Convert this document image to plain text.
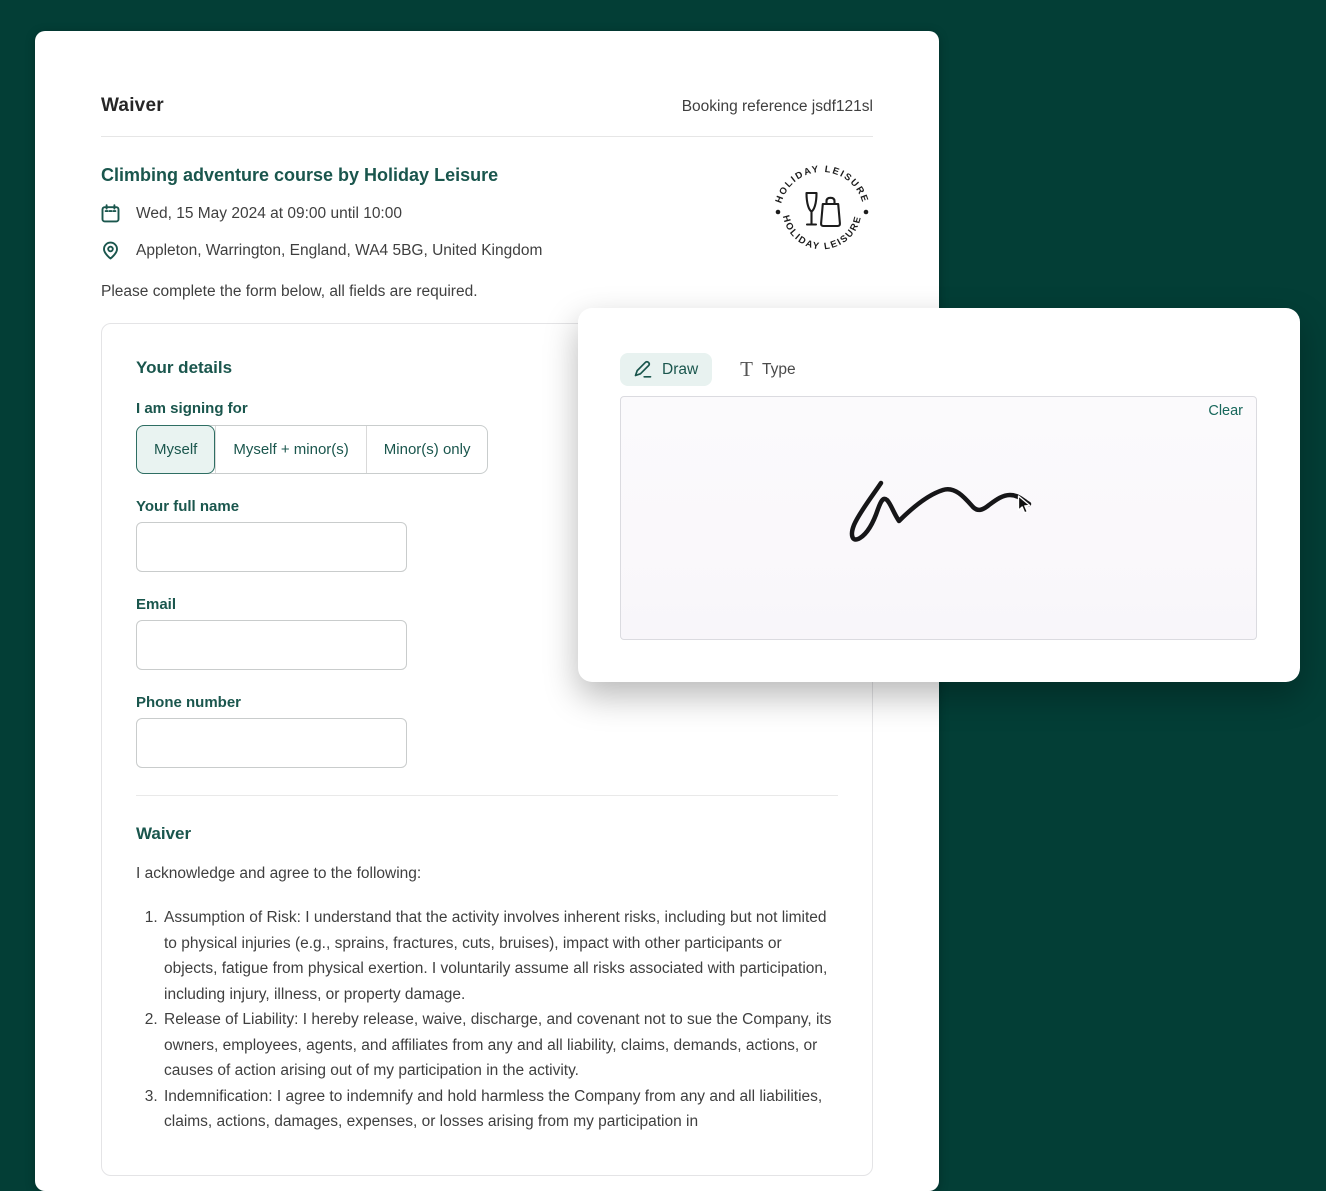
Waiver	Booking reference jsdf121sl
Climbing adventure course by Holiday Leisure
Wed, 15 May 2024 at 09:00 until 10:00
Appleton, Warrington, England, WA4 5BG, United Kingdom

Please complete the form below, all fields are required.

HOLIDAY LEISURE
HOLIDAY LEISURE
Your details
I am signing for
Myself	Myself + minor(s)	Minor(s) only
Your full name
Email
Phone number
Waiver

I acknowledge and agree to the following:

1. Assumption of Risk: I understand that the activity involves inherent risks, including but not limited to physical injuries (e.g., sprains, fractures, cuts, bruises), impact with other participants or objects, fatigue from physical exertion. I voluntarily assume all risks associated with participation, including injury, illness, or property damage.
2. Release of Liability: I hereby release, waive, discharge, and covenant not to sue the Company, its owners, employees, agents, and affiliates from any and all liability, claims, demands, actions, or causes of action arising out of my participation in the activity.
3. Indemnification: I agree to indemnify and hold harmless the Company from any and all liabilities, claims, actions, damages, expenses, or losses arising from my participation in
Draw T Type
Clear
